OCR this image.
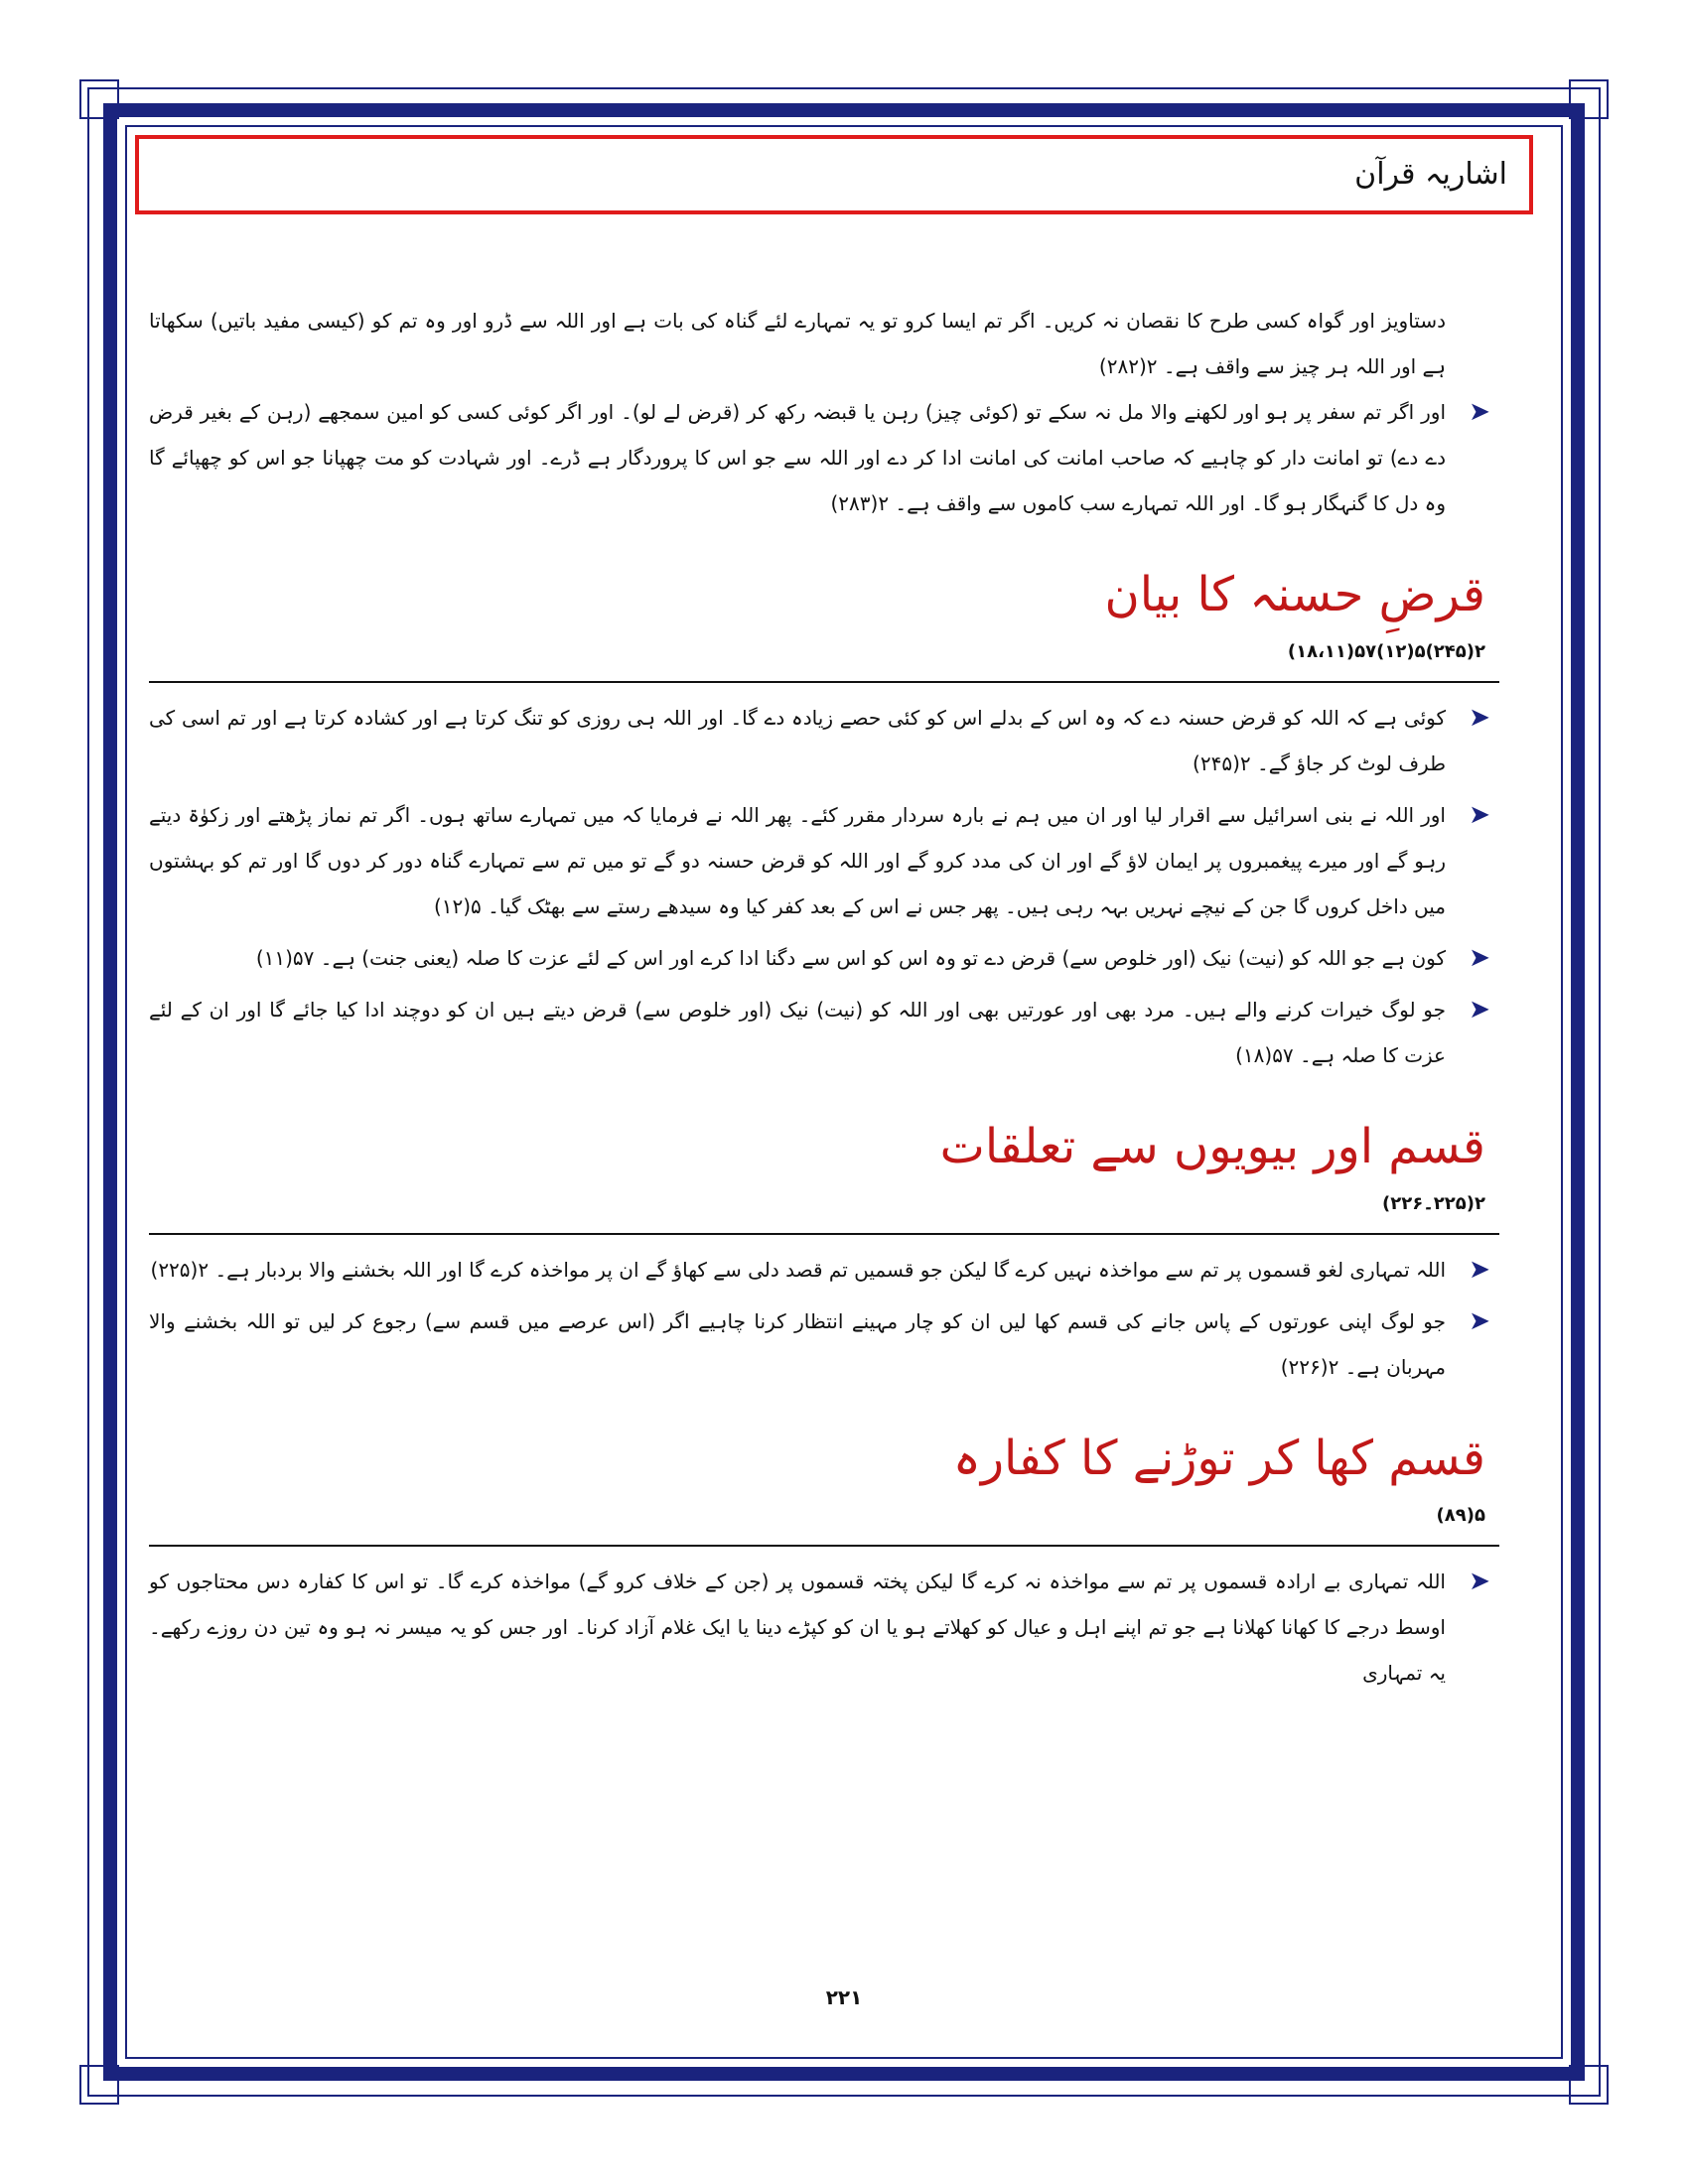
اشاریہ قرآن

دستاویز اور گواہ کسی طرح کا نقصان نہ کریں۔ اگر تم ایسا کرو تو یہ تمہارے لئے گناہ کی بات ہے اور اللہ سے ڈرو اور وہ تم کو (کیسی مفید باتیں) سکھاتا ہے اور اللہ ہر چیز سے واقف ہے۔ ۲(۲۸۲)

➤
اور اگر تم سفر پر ہو اور لکھنے والا مل نہ سکے تو (کوئی چیز) رہن یا قبضہ رکھ کر (قرض لے لو)۔ اور اگر کوئی کسی کو امین سمجھے (رہن کے بغیر قرض دے دے) تو امانت دار کو چاہیے کہ صاحب امانت کی امانت ادا کر دے اور اللہ سے جو اس کا پروردگار ہے ڈرے۔ اور شہادت کو مت چھپانا جو اس کو چھپائے گا وہ دل کا گنہگار ہو گا۔ اور اللہ تمہارے سب کاموں سے واقف ہے۔ ۲(۲۸۳)
قرضِ حسنہ کا بیان
۲(۲۴۵)۵(۱۲)۵۷(۱۸،۱۱)
➤
کوئی ہے کہ اللہ کو قرض حسنہ دے کہ وہ اس کے بدلے اس کو کئی حصے زیادہ دے گا۔ اور اللہ ہی روزی کو تنگ کرتا ہے اور کشادہ کرتا ہے اور تم اسی کی طرف لوٹ کر جاؤ گے۔ ۲(۲۴۵)
➤
اور اللہ نے بنی اسرائیل سے اقرار لیا اور ان میں ہم نے بارہ سردار مقرر کئے۔ پھر اللہ نے فرمایا کہ میں تمہارے ساتھ ہوں۔ اگر تم نماز پڑھتے اور زکوٰۃ دیتے رہو گے اور میرے پیغمبروں پر ایمان لاؤ گے اور ان کی مدد کرو گے اور اللہ کو قرض حسنہ دو گے تو میں تم سے تمہارے گناہ دور کر دوں گا اور تم کو بہشتوں میں داخل کروں گا جن کے نیچے نہریں بہہ رہی ہیں۔ پھر جس نے اس کے بعد کفر کیا وہ سیدھے رستے سے بھٹک گیا۔ ۵(۱۲)
➤
کون ہے جو اللہ کو (نیت) نیک (اور خلوص سے) قرض دے تو وہ اس کو اس سے دگنا ادا کرے اور اس کے لئے عزت کا صلہ (یعنی جنت) ہے۔ ۵۷(۱۱)
➤
جو لوگ خیرات کرنے والے ہیں۔ مرد بھی اور عورتیں بھی اور اللہ کو (نیت) نیک (اور خلوص سے) قرض دیتے ہیں ان کو دوچند ادا کیا جائے گا اور ان کے لئے عزت کا صلہ ہے۔ ۵۷(۱۸)
قسم اور بیویوں سے تعلقات
۲(۲۲۵۔۲۲۶)
➤
اللہ تمہاری لغو قسموں پر تم سے مواخذہ نہیں کرے گا لیکن جو قسمیں تم قصد دلی سے کھاؤ گے ان پر مواخذہ کرے گا اور اللہ بخشنے والا بردبار ہے۔ ۲(۲۲۵)
➤
جو لوگ اپنی عورتوں کے پاس جانے کی قسم کھا لیں ان کو چار مہینے انتظار کرنا چاہیے اگر (اس عرصے میں قسم سے) رجوع کر لیں تو اللہ بخشنے والا مہربان ہے۔ ۲(۲۲۶)
قسم کھا کر توڑنے کا کفارہ
۵(۸۹)
➤
اللہ تمہاری بے ارادہ قسموں پر تم سے مواخذہ نہ کرے گا لیکن پختہ قسموں پر (جن کے خلاف کرو گے) مواخذہ کرے گا۔ تو اس کا کفارہ دس محتاجوں کو اوسط درجے کا کھانا کھلانا ہے جو تم اپنے اہل و عیال کو کھلاتے ہو یا ان کو کپڑے دینا یا ایک غلام آزاد کرنا۔ اور جس کو یہ میسر نہ ہو وہ تین دن روزے رکھے۔ یہ تمہاری
۲۲۱
